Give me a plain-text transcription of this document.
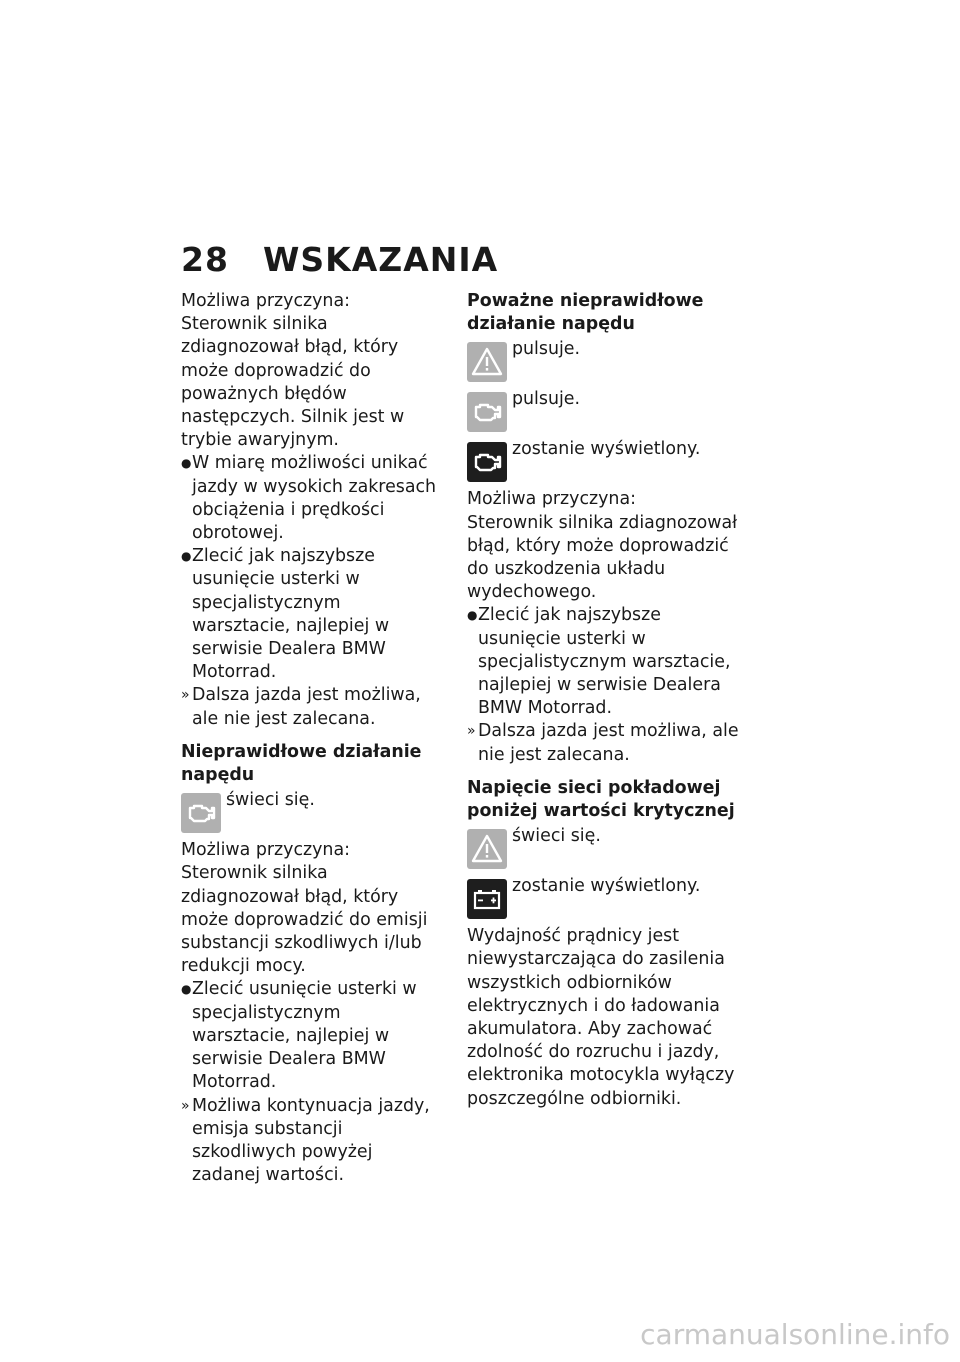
28 WSKAZANIA

Możliwa przyczyna:

Sterownik silnika zdiagnozował błąd, który może doprowadzić do poważnych błędów następczych. Silnik jest w trybie awaryjnym.

● W miarę możliwości unikać jazdy w wysokich zakresach obciążenia i prędkości obrotowej.
● Zlecić jak najszybsze usunięcie usterki w specjalistycznym warsztacie, najlepiej w serwisie Dealera BMW Motorrad.
» Dalsza jazda jest możliwa, ale nie jest zalecana.

Nieprawidłowe działanie napędu

świeci się.

Możliwa przyczyna:

Sterownik silnika zdiagnozował błąd, który może doprowadzić do emisji substancji szkodliwych i/lub redukcji mocy.

● Zlecić usunięcie usterki w specjalistycznym warsztacie, najlepiej w serwisie Dealera BMW Motorrad.
» Możliwa kontynuacja jazdy, emisja substancji szkodliwych powyżej zadanej wartości.

Poważne nieprawidłowe działanie napędu

pulsuje.
pulsuje.
zostanie wyświetlony.

Możliwa przyczyna:

Sterownik silnika zdiagnozował błąd, który może doprowadzić do uszkodzenia układu wydechowego.

● Zlecić jak najszybsze usunięcie usterki w specjalistycznym warsztacie, najlepiej w serwisie Dealera BMW Motorrad.
» Dalsza jazda jest możliwa, ale nie jest zalecana.

Napięcie sieci pokładowej poniżej wartości krytycznej

świeci się.
zostanie wyświetlony.

Wydajność prądnicy jest niewystarczająca do zasilenia wszystkich odbiorników elektrycznych i do ładowania akumulatora. Aby zachować zdolność do rozruchu i jazdy, elektronika motocykla wyłączy poszczególne odbiorniki.

carmanualsonline.info
